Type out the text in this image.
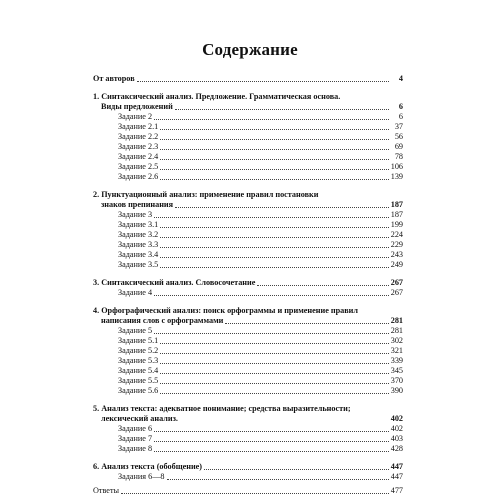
Содержание
От авторов	4
1. Синтаксический анализ. Предложение. Грамматическая основа.
Виды предложений	6
Задание 2	6
Задание 2.1	37
Задание 2.2	56
Задание 2.3	69
Задание 2.4	78
Задание 2.5	106
Задание 2.6	139
2. Пунктуационный анализ: применение правил постановки
знаков препинания	187
Задание 3	187
Задание 3.1	199
Задание 3.2	224
Задание 3.3	229
Задание 3.4	243
Задание 3.5	249
3. Синтаксический анализ. Словосочетание	267
Задание 4	267
4. Орфографический анализ: поиск орфограммы и применение правил
написания слов с орфограммами	281
Задание 5	281
Задание 5.1	302
Задание 5.2	321
Задание 5.3	339
Задание 5.4	345
Задание 5.5	370
Задание 5.6	390
5. Анализ текста: адекватное понимание; средства выразительности;
лексический анализ.	402
Задание 6	402
Задание 7	403
Задание 8	428
6. Анализ текста (обобщение)	447
Задания 6—8	447
Ответы	477
